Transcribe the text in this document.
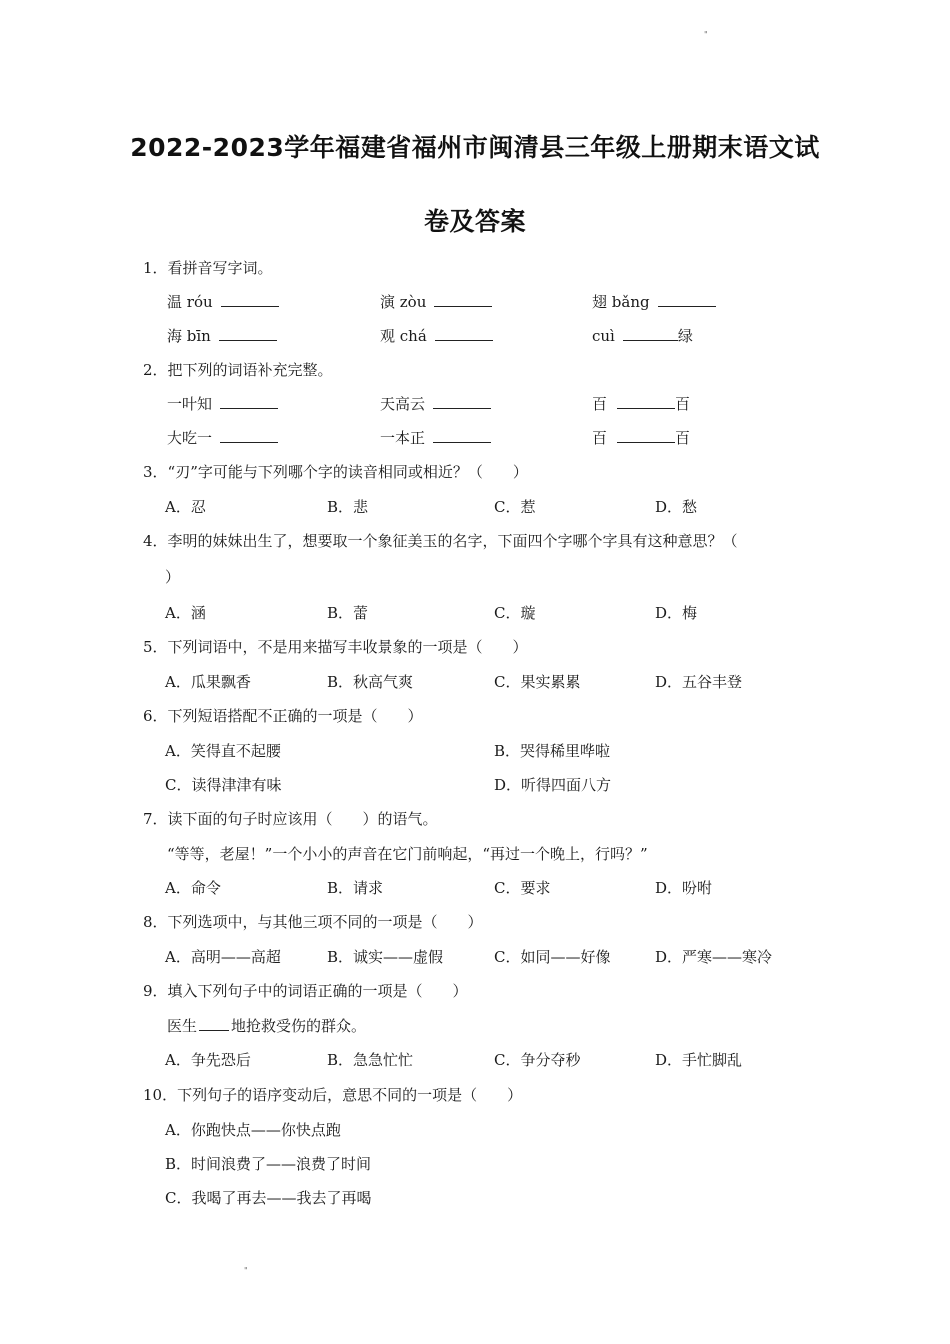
"
2022-2023学年福建省福州市闽清县三年级上册期末语文试
卷及答案
1．看拼音写字词。
温 róu	演 zòu	翅 bǎng
海 bīn	观 chá	cuì	绿
2．把下列的词语补充完整。
一叶知	天高云	百	百
大吃一	一本正	百	百
3．“刃”字可能与下列哪个字的读音相同或相近？（　　）
A．忍	B．悲	C．惹	D．愁
4．李明的妹妹出生了，想要取一个象征美玉的名字，下面四个字哪个字具有这种意思？（
）
A．涵	B．蕾	C．璇	D．梅
5．下列词语中，不是用来描写丰收景象的一项是（　　）
A．瓜果飘香	B．秋高气爽	C．果实累累	D．五谷丰登
6．下列短语搭配不正确的一项是（　　）
A．笑得直不起腰	B．哭得稀里哗啦
C．读得津津有味	D．听得四面八方
7．读下面的句子时应该用（　　）的语气。
“等等，老屋！”一个小小的声音在它门前响起，“再过一个晚上，行吗？”
A．命令	B．请求	C．要求	D．吩咐
8．下列选项中，与其他三项不同的一项是（　　）
A．高明——高超	B．诚实——虚假	C．如同——好像	D．严寒——寒冷
9．填入下列句子中的词语正确的一项是（　　）
医生 地抢救受伤的群众。
A．争先恐后	B．急急忙忙	C．争分夺秒	D．手忙脚乱
10．下列句子的语序变动后，意思不同的一项是（　　）
A．你跑快点——你快点跑
B．时间浪费了——浪费了时间
C．我喝了再去——我去了再喝
"
